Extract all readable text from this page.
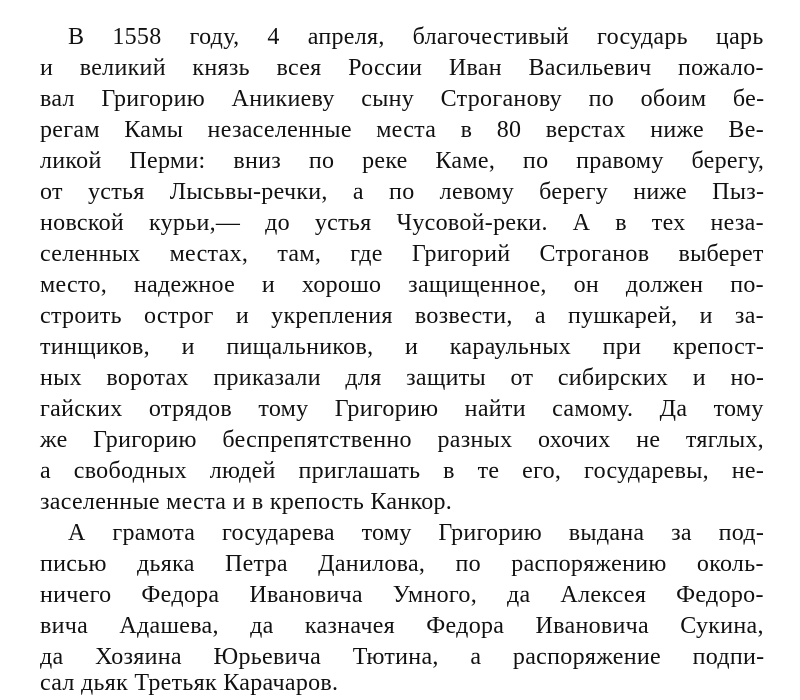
В 1558 году, 4 апреля, благочестивый государь царь
и великий князь всея России Иван Васильевич пожало-
вал Григорию Аникиеву сыну Строганову по обоим бе-
регам Камы незаселенные места в 80 верстах ниже Ве-
ликой Перми: вниз по реке Каме, по правому берегу,
от устья Лысьвы-речки, а по левому берегу ниже Пыз-
новской курьи,— до устья Чусовой-реки. А в тех неза-
селенных местах, там, где Григорий Строганов выберет
место, надежное и хорошо защищенное, он должен по-
строить острог и укрепления возвести, а пушкарей, и за-
тинщиков, и пищальников, и караульных при крепост-
ных воротах приказали для защиты от сибирских и но-
гайских отрядов тому Григорию найти самому. Да тому
же Григорию беспрепятственно разных охочих не тяглых,
а свободных людей приглашать в те его, государевы, не-
заселенные места и в крепость Канкор.
А грамота государева тому Григорию выдана за под-
писью дьяка Петра Данилова, по распоряжению околь-
ничего Федора Ивановича Умного, да Алексея Федоро-
вича Адашева, да казначея Федора Ивановича Сукина,
да Хозяина Юрьевича Тютина, а распоряжение подпи-
сал дьяк Третьяк Карачаров.
